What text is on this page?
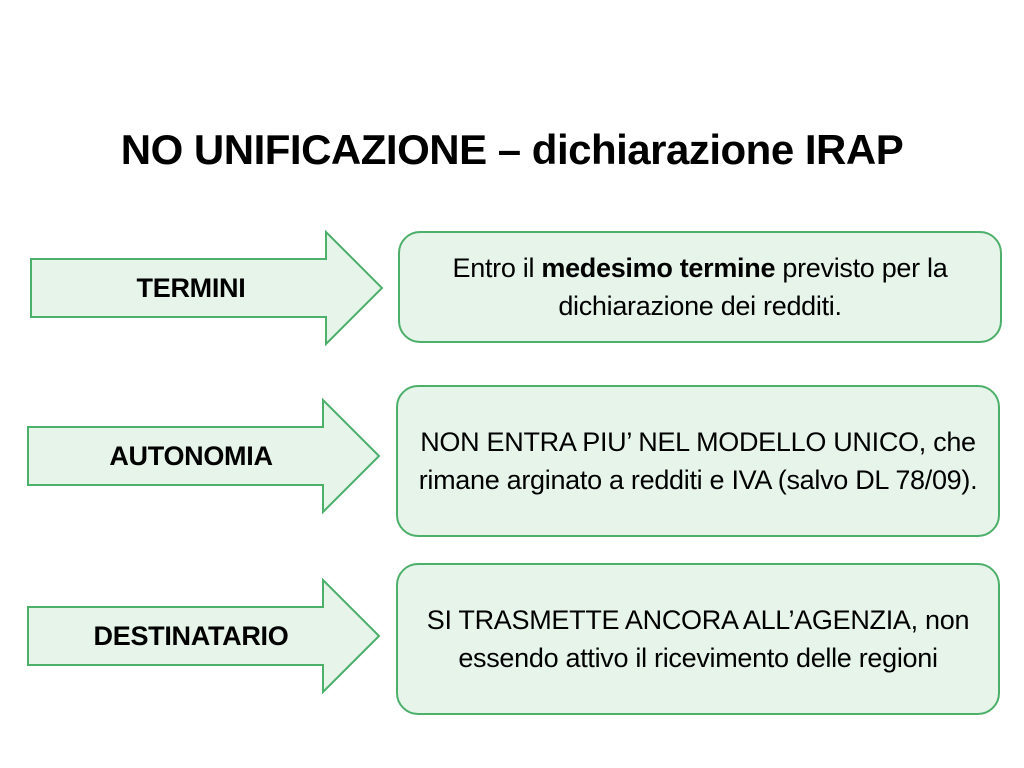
NO UNIFICAZIONE – dichiarazione IRAP
TERMINI
Entro il medesimo termine previsto per la dichiarazione dei redditi.
AUTONOMIA	NON ENTRA PIU’ NEL MODELLO UNICO, che rimane arginato a redditi e IVA (salvo DL 78/09).
DESTINATARIO
SI TRASMETTE ANCORA ALL’AGENZIA, non essendo attivo il ricevimento delle regioni
